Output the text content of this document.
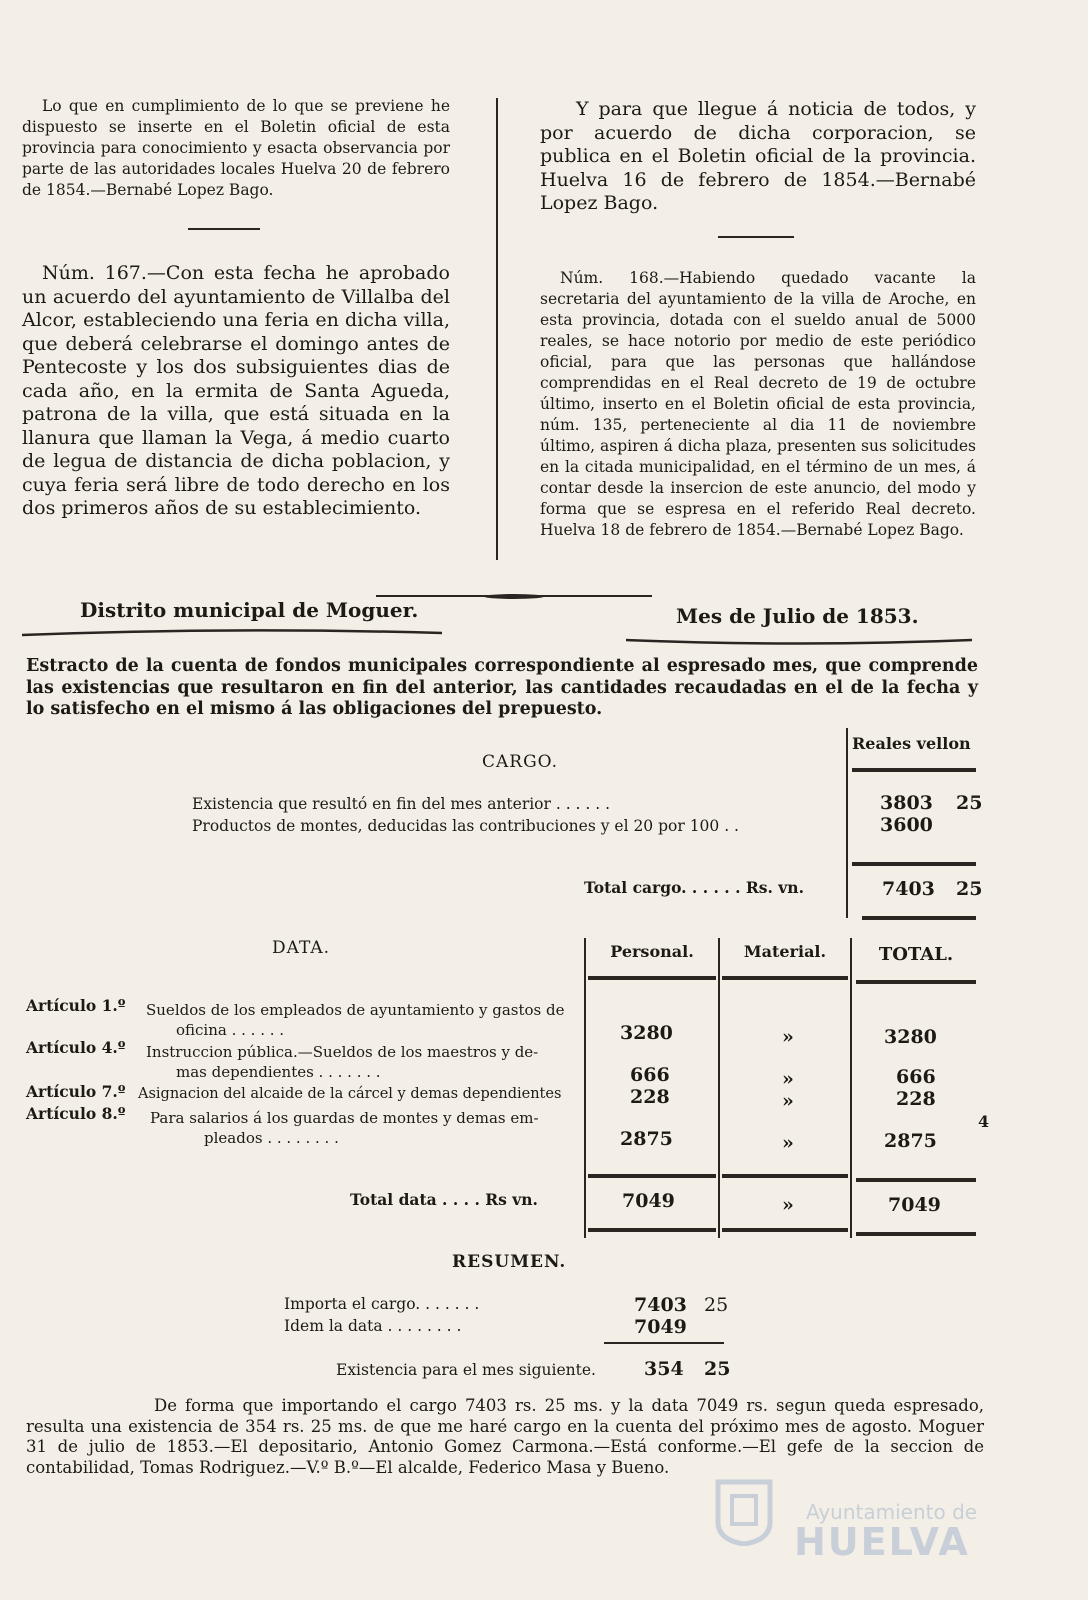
Lo que en cumplimiento de lo que se previene he dispuesto se inserte en el Boletin oficial de esta provincia para conocimiento y esacta observancia por parte de las autoridades locales Huelva 20 de febrero de 1854.—Bernabé Lopez Bago.
Núm. 167.—Con esta fecha he aprobado un acuerdo del ayuntamiento de Villalba del Alcor, estableciendo una feria en dicha villa, que deberá celebrarse el domingo antes de Pentecoste y los dos subsiguientes dias de cada año, en la ermita de Santa Agueda, patrona de la villa, que está situada en la llanura que llaman la Vega, á medio cuarto de legua de distancia de dicha poblacion, y cuya feria será libre de todo derecho en los dos primeros años de su establecimiento.
Y para que llegue á noticia de todos, y por acuerdo de dicha corporacion, se publica en el Boletin oficial de la provincia. Huelva 16 de febrero de 1854.—Bernabé Lopez Bago.
Núm. 168.—Habiendo quedado vacante la secretaria del ayuntamiento de la villa de Aroche, en esta provincia, dotada con el sueldo anual de 5000 reales, se hace notorio por medio de este periódico oficial, para que las personas que hallándose comprendidas en el Real decreto de 19 de octubre último, inserto en el Boletin oficial de esta provincia, núm. 135, perteneciente al dia 11 de noviembre último, aspiren á dicha plaza, presenten sus solicitudes en la citada municipalidad, en el término de un mes, á contar desde la insercion de este anuncio, del modo y forma que se espresa en el referido Real decreto. Huelva 18 de febrero de 1854.—Bernabé Lopez Bago.
Distrito municipal de Moguer.	Mes de Julio de 1853.
Estracto de la cuenta de fondos municipales correspondiente al espresado mes, que comprende las existencias que resultaron en fin del anterior, las cantidades recaudadas en el de la fecha y lo satisfecho en el mismo á las obligaciones del prepuesto.
Reales vellon
CARGO.
Existencia que resultó en fin del mes anterior . . . . . .	3803 25
Productos de montes, deducidas las contribuciones y el 20 por 100 . .	3600
Total cargo. . . . . . Rs. vn.	7403 25
DATA.	Personal.	Material.	TOTAL.
Artículo 1.º Sueldos de los empleados de ayuntamiento y gastos de
oficina . . . . . .	3280	»	3280
Artículo 4.º Instruccion pública.—Sueldos de los maestros y de-
mas dependientes . . . . . . .	666	»	666
Artículo 7.º Asignacion del alcaide de la cárcel y demas dependientes	228	»	228
Artículo 8.º Para salarios á los guardas de montes y demas em-
pleados . . . . . . . .	2875	»	2875
4
Total data . . . . Rs vn.	7049	»	7049
RESUMEN.
Importa el cargo. . . . . . .	7403 25
Idem la data . . . . . . . .	7049
Existencia para el mes siguiente.	354 25
De forma que importando el cargo 7403 rs. 25 ms. y la data 7049 rs. segun queda espresado, resulta una existencia de 354 rs. 25 ms. de que me haré cargo en la cuenta del próximo mes de agosto. Moguer 31 de julio de 1853.—El depositario, Antonio Gomez Carmona.—Está conforme.—El gefe de la seccion de contabilidad, Tomas Rodriguez.—V.º B.º—El alcalde, Federico Masa y Bueno.
Ayuntamiento de
HUELVA
